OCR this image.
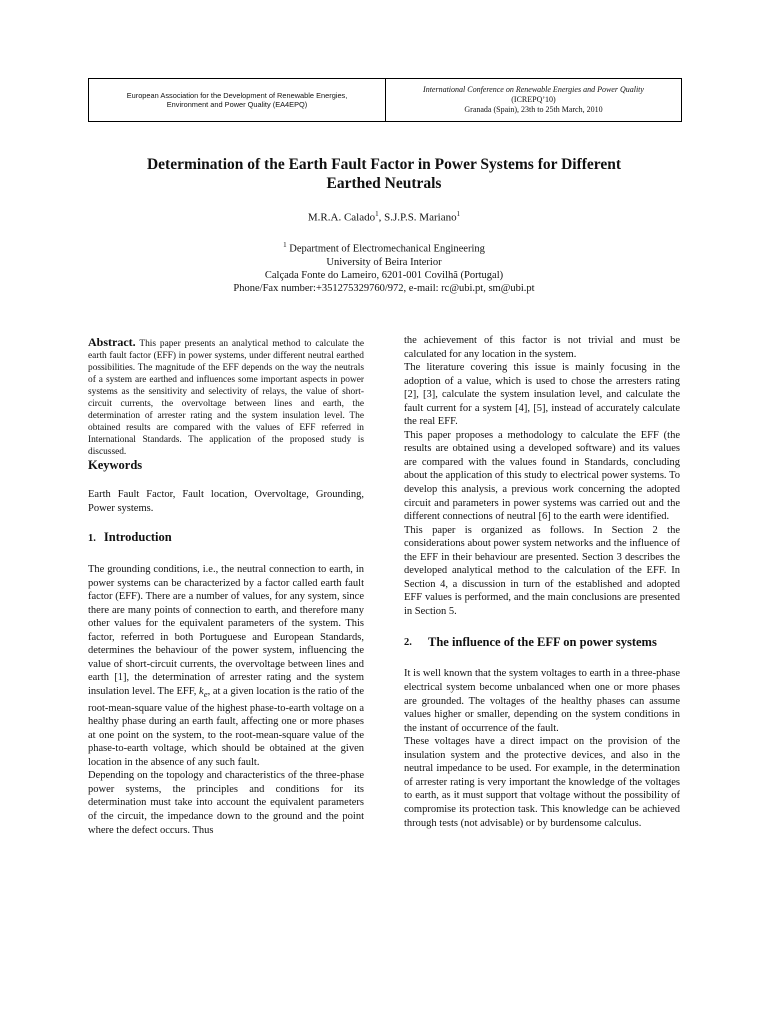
European Association for the Development of Renewable Energies,
Environment and Power Quality (EA4EPQ)
International Conference on Renewable Energies and Power Quality
(ICREPQ’10)
Granada (Spain), 23th to 25th March, 2010
Determination of the Earth Fault Factor in Power Systems for Different
Earthed Neutrals
M.R.A. Calado$^1$, S.J.P.S. Mariano$^1$
$^1$ Department of Electromechanical Engineering
University of Beira Interior
Calçada Fonte do Lameiro, 6201-001 Covilhã (Portugal)
Phone/Fax number:+351275329760/972, e-mail: rc@ubi.pt, sm@ubi.pt

Abstract. This paper presents an analytical method to calculate the earth fault factor (EFF) in power systems, under different neutral earthed possibilities. The magnitude of the EFF depends on the way the neutrals of a system are earthed and influences some important aspects in power systems as the sensitivity and selectivity of relays, the value of short-circuit currents, the overvoltage between lines and earth, the determination of arrester rating and the system insulation level. The obtained results are compared with the values of EFF referred in International Standards. The application of the proposed study is discussed.

Keywords

Earth Fault Factor, Fault location, Overvoltage, Grounding, Power systems.

1. Introduction

The grounding conditions, i.e., the neutral connection to earth, in power systems can be characterized by a factor called earth fault factor (EFF). There are a number of values, for any system, since there are many points of connection to earth, and therefore many other values for the equivalent parameters of the system. This factor, referred in both Portuguese and European Standards, determines the behaviour of the power system, influencing the value of short-circuit currents, the overvoltage between lines and earth [1], the determination of arrester rating and the system insulation level. The EFF, $k_e$, at a given location is the ratio of the root-mean-square value of the highest phase-to-earth voltage on a healthy phase during an earth fault, affecting one or more phases at one point on the system, to the root-mean-square value of the phase-to-earth voltage, which should be obtained at the given location in the absence of any such fault.

Depending on the topology and characteristics of the three-phase power systems, the principles and conditions for its determination must take into account the equivalent parameters of the circuit, the impedance down to the ground and the point where the defect occurs. Thus

the achievement of this factor is not trivial and must be calculated for any location in the system.

The literature covering this issue is mainly focusing in the adoption of a value, which is used to chose the arresters rating [2], [3], calculate the system insulation level, and calculate the fault current for a system [4], [5], instead of accurately calculate the real EFF.

This paper proposes a methodology to calculate the EFF (the results are obtained using a developed software) and its values are compared with the values found in Standards, concluding about the application of this study to electrical power systems. To develop this analysis, a previous work concerning the adopted circuit and parameters in power systems was carried out and the different connections of neutral [6] to the earth were identified.

This paper is organized as follows. In Section 2 the considerations about power system networks and the influence of the EFF in their behaviour are presented. Section 3 describes the developed analytical method to the calculation of the EFF. In Section 4, a discussion in turn of the established and adopted EFF values is performed, and the main conclusions are presented in Section 5.

2.	The influence of the EFF on power systems

It is well known that the system voltages to earth in a three-phase electrical system become unbalanced when one or more phases are grounded. The voltages of the healthy phases can assume values higher or smaller, depending on the system conditions in the instant of occurrence of the fault.

These voltages have a direct impact on the provision of the insulation system and the protective devices, and also in the neutral impedance to be used. For example, in the determination of arrester rating is very important the knowledge of the voltages to earth, as it must support that voltage without the possibility of compromise its protection task. This knowledge can be achieved through tests (not advisable) or by burdensome calculus.
